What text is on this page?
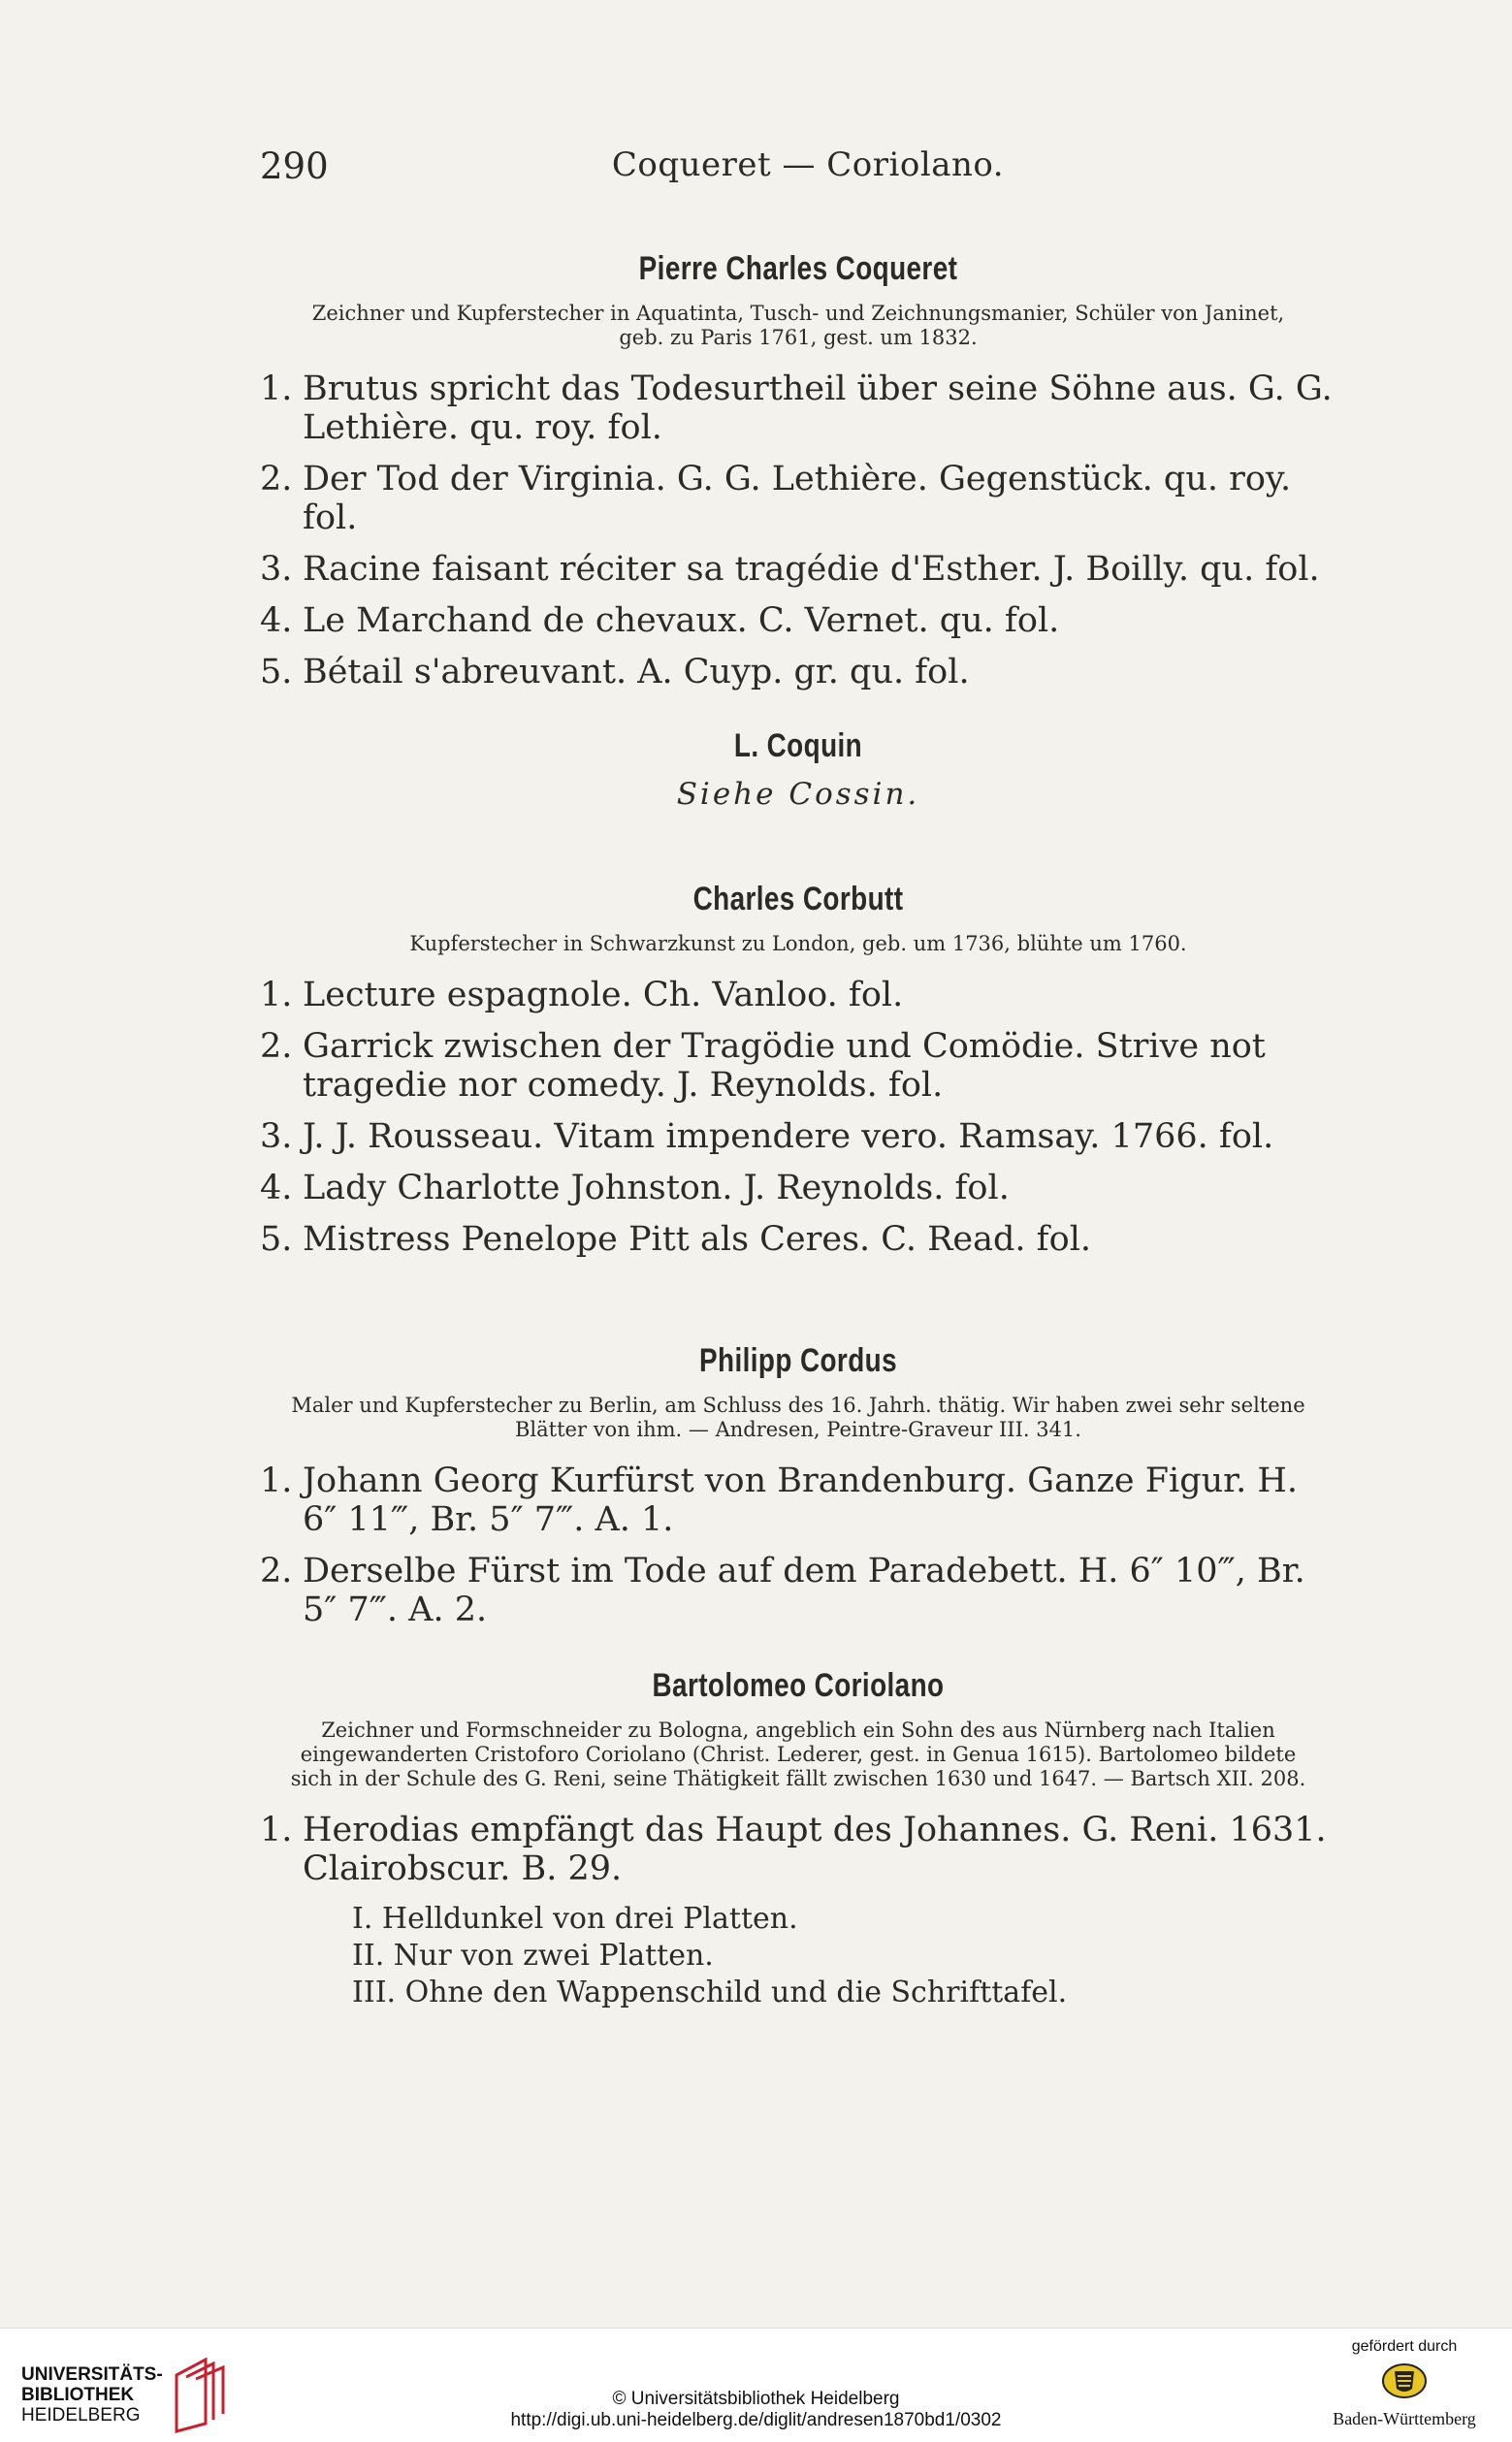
290	Coqueret — Coriolano.
Pierre Charles Coqueret
Zeichner und Kupferstecher in Aquatinta, Tusch- und Zeichnungsmanier, Schüler von Janinet, geb. zu Paris 1761, gest. um 1832.
1. Brutus spricht das Todesurtheil über seine Söhne aus. G. G. Lethière. qu. roy. fol.
2. Der Tod der Virginia. G. G. Lethière. Gegenstück. qu. roy. fol.
3. Racine faisant réciter sa tragédie d'Esther. J. Boilly. qu. fol.
4. Le Marchand de chevaux. C. Vernet. qu. fol.
5. Bétail s'abreuvant. A. Cuyp. gr. qu. fol.
L. Coquin
Siehe Cossin.
Charles Corbutt
Kupferstecher in Schwarzkunst zu London, geb. um 1736, blühte um 1760.
1. Lecture espagnole. Ch. Vanloo. fol.
2. Garrick zwischen der Tragödie und Comödie. Strive not tragedie nor comedy. J. Reynolds. fol.
3. J. J. Rousseau. Vitam impendere vero. Ramsay. 1766. fol.
4. Lady Charlotte Johnston. J. Reynolds. fol.
5. Mistress Penelope Pitt als Ceres. C. Read. fol.
Philipp Cordus
Maler und Kupferstecher zu Berlin, am Schluss des 16. Jahrh. thätig. Wir haben zwei sehr seltene Blätter von ihm. — Andresen, Peintre-Graveur III. 341.
1. Johann Georg Kurfürst von Brandenburg. Ganze Figur. H. 6″ 11‴, Br. 5″ 7‴. A. 1.
2. Derselbe Fürst im Tode auf dem Paradebett. H. 6″ 10‴, Br. 5″ 7‴. A. 2.
Bartolomeo Coriolano
Zeichner und Formschneider zu Bologna, angeblich ein Sohn des aus Nürnberg nach Italien eingewanderten Cristoforo Coriolano (Christ. Lederer, gest. in Genua 1615). Bartolomeo bildete sich in der Schule des G. Reni, seine Thätigkeit fällt zwischen 1630 und 1647. — Bartsch XII. 208.
1. Herodias empfängt das Haupt des Johannes. G. Reni. 1631. Clairobscur. B. 29.
I. Helldunkel von drei Platten.
II. Nur von zwei Platten.
III. Ohne den Wappenschild und die Schrifttafel.
UNIVERSITÄTS-
BIBLIOTHEK
HEIDELBERG
© Universitätsbibliothek Heidelberg
http://digi.ub.uni-heidelberg.de/diglit/andresen1870bd1/0302
gefördert durch
Baden-Württemberg
